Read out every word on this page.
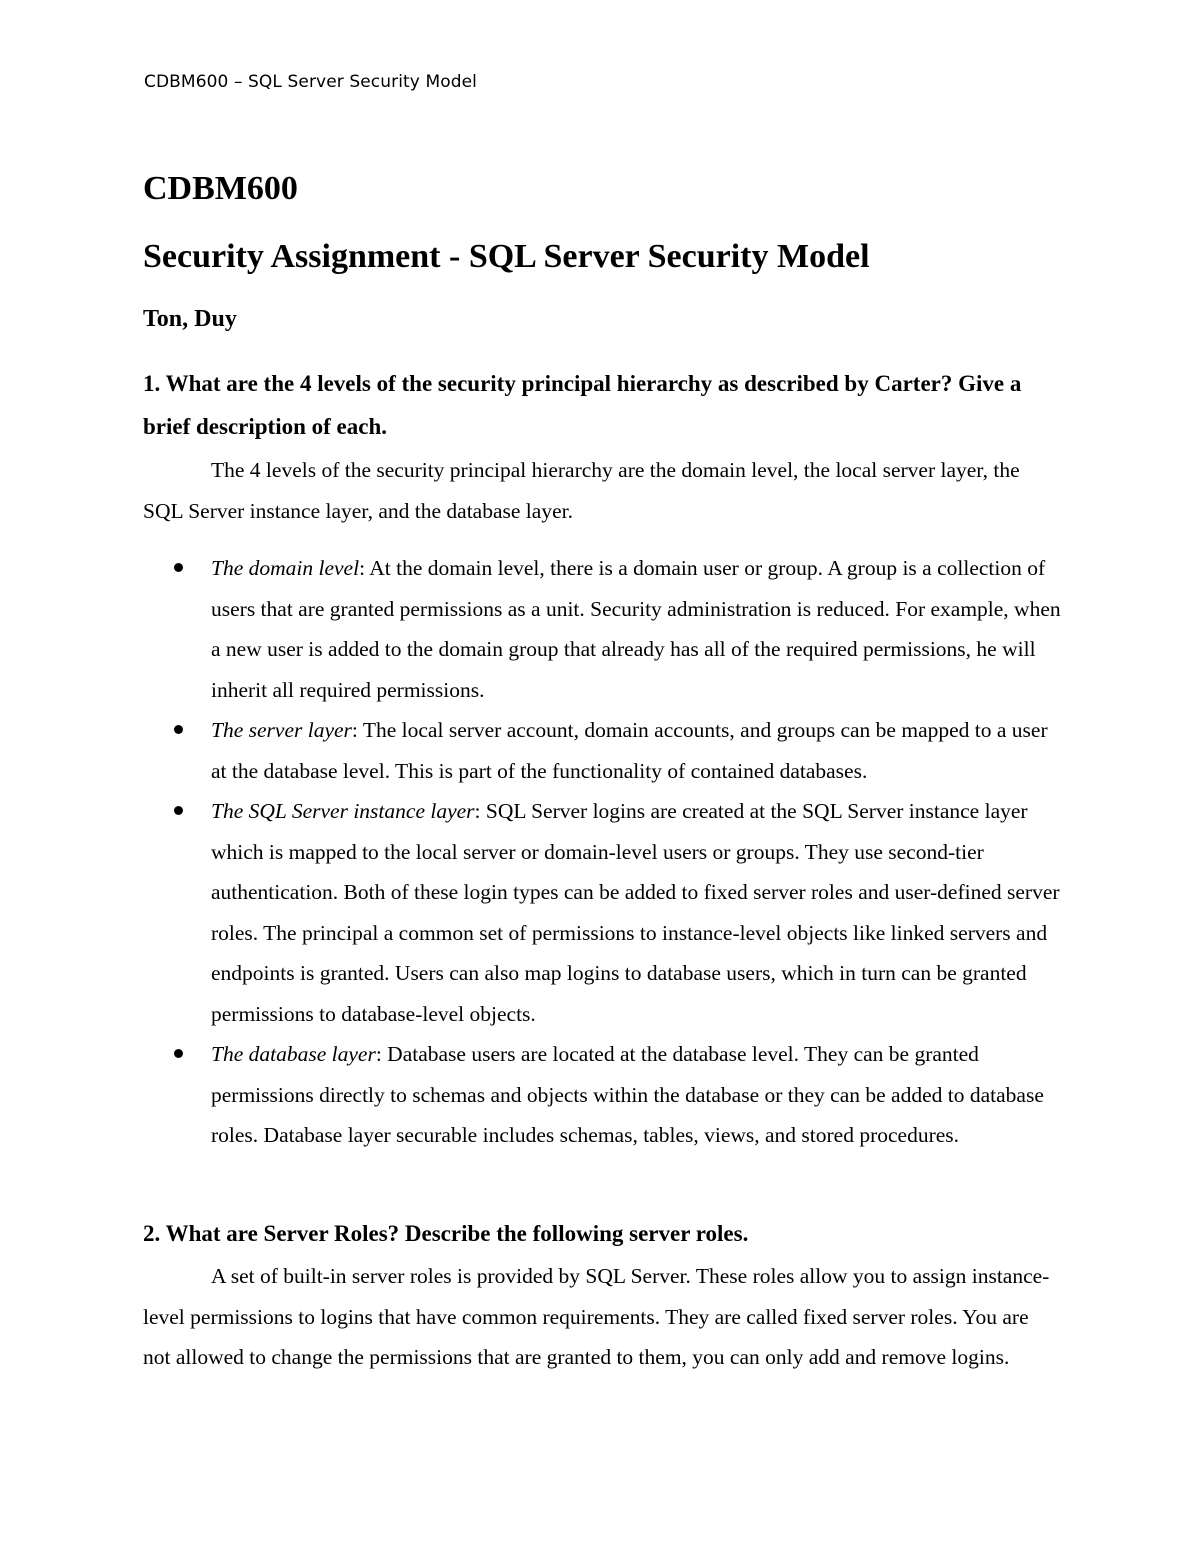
CDBM600 – SQL Server Security Model
CDBM600
Security Assignment - SQL Server Security Model
Ton, Duy
1. What are the 4 levels of the security principal hierarchy as described by Carter? Give a brief description of each.

The 4 levels of the security principal hierarchy are the domain level, the local server layer, the SQL Server instance layer, and the database layer.

The domain level: At the domain level, there is a domain user or group. A group is a collection of users that are granted permissions as a unit. Security administration is reduced. For example, when a new user is added to the domain group that already has all of the required permissions, he will inherit all required permissions.
The server layer: The local server account, domain accounts, and groups can be mapped to a user at the database level. This is part of the functionality of contained databases.
The SQL Server instance layer: SQL Server logins are created at the SQL Server instance layer which is mapped to the local server or domain-level users or groups. They use second-tier authentication. Both of these login types can be added to fixed server roles and user-defined server roles. The principal a common set of permissions to instance-level objects like linked servers and endpoints is granted. Users can also map logins to database users, which in turn can be granted permissions to database-level objects.
The database layer: Database users are located at the database level. They can be granted permissions directly to schemas and objects within the database or they can be added to database roles. Database layer securable includes schemas, tables, views, and stored procedures.
2. What are Server Roles? Describe the following server roles.

A set of built-in server roles is provided by SQL Server. These roles allow you to assign instance-level permissions to logins that have common requirements. They are called fixed server roles. You are not allowed to change the permissions that are granted to them, you can only add and remove logins.
